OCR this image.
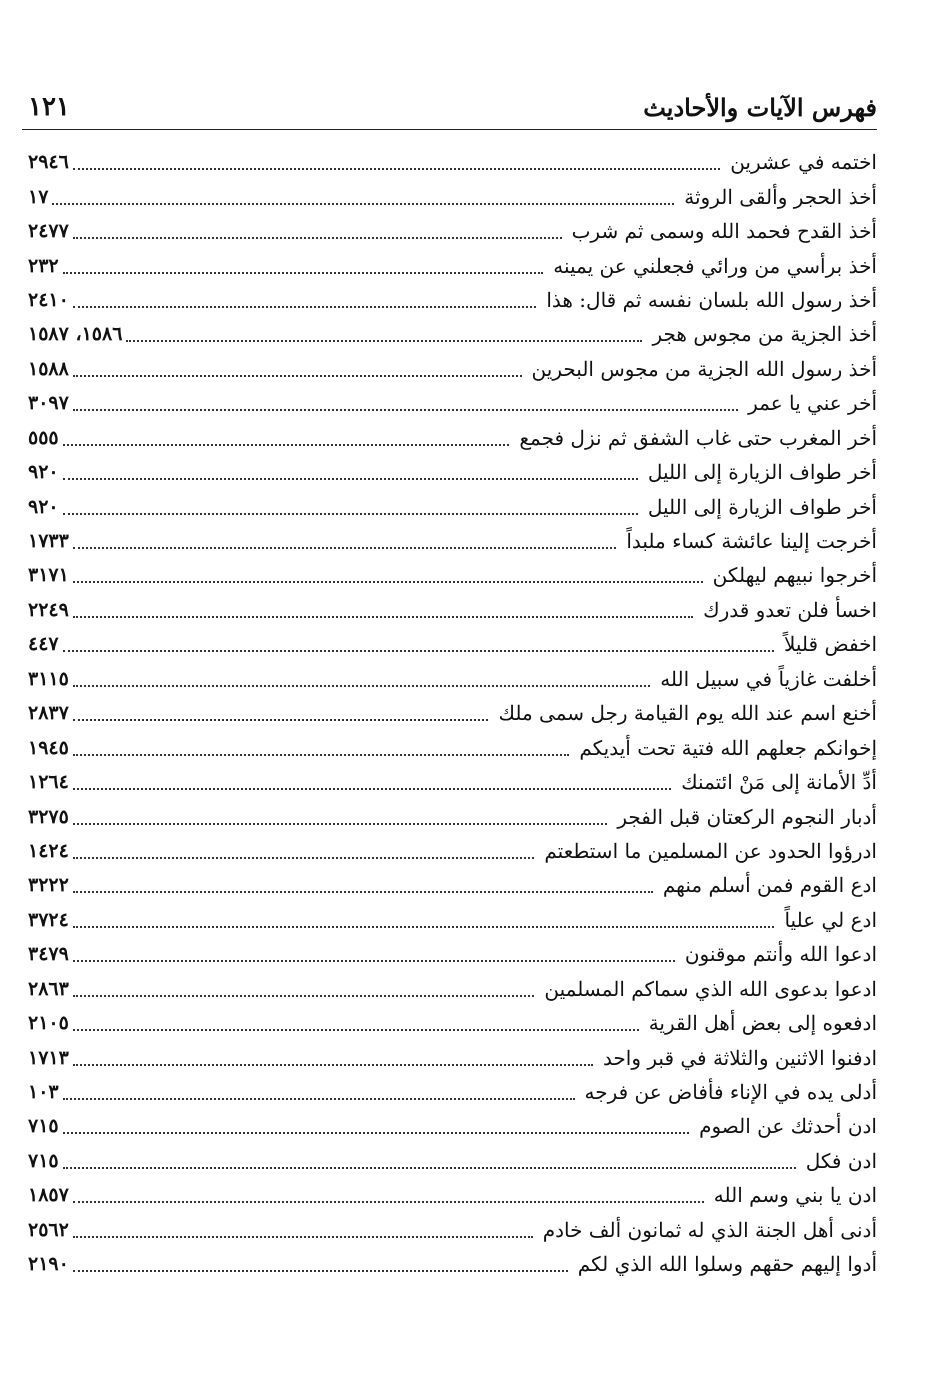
١٢١	فهرس الآيات والأحاديث
اختمه في عشرين
٢٩٤٦
أخذ الحجر وألقى الروثة
١٧
أخذ القدح فحمد الله وسمى ثم شرب
٢٤٧٧
أخذ برأسي من ورائي فجعلني عن يمينه
٢٣٢
أخذ رسول الله بلسان نفسه ثم قال: هذا
٢٤١٠
أخذ الجزية من مجوس هجر
١٥٨٦، ١٥٨٧
أخذ رسول الله الجزية من مجوس البحرين
١٥٨٨
أخر عني يا عمر
٣٠٩٧
أخر المغرب حتى غاب الشفق ثم نزل فجمع
٥٥٥
أخر طواف الزيارة إلى الليل
٩٢٠
أخر طواف الزيارة إلى الليل
٩٢٠
أخرجت إلينا عائشة كساء ملبداً
١٧٣٣
أخرجوا نبيهم ليهلكن
٣١٧١
اخسأ فلن تعدو قدرك
٢٢٤٩
اخفض قليلاً
٤٤٧
أخلفت غازياً في سبيل الله
٣١١٥
أخنع اسم عند الله يوم القيامة رجل سمى ملك
٢٨٣٧
إخوانكم جعلهم الله فتية تحت أيديكم
١٩٤٥
أدِّ الأمانة إلى مَنْ ائتمنك
١٢٦٤
أدبار النجوم الركعتان قبل الفجر
٣٢٧٥
ادرؤوا الحدود عن المسلمين ما استطعتم
١٤٢٤
ادع القوم فمن أسلم منهم
٣٢٢٢
ادع لي علياً
٣٧٢٤
ادعوا الله وأنتم موقنون
٣٤٧٩
ادعوا بدعوى الله الذي سماكم المسلمين
٢٨٦٣
ادفعوه إلى بعض أهل القرية
٢١٠٥
ادفنوا الاثنين والثلاثة في قبر واحد
١٧١٣
أدلى يده في الإناء فأفاض عن فرجه
١٠٣
ادن أحدثك عن الصوم
٧١٥
ادن فكل
٧١٥
ادن يا بني وسم الله
١٨٥٧
أدنى أهل الجنة الذي له ثمانون ألف خادم
٢٥٦٢
أدوا إليهم حقهم وسلوا الله الذي لكم
٢١٩٠
